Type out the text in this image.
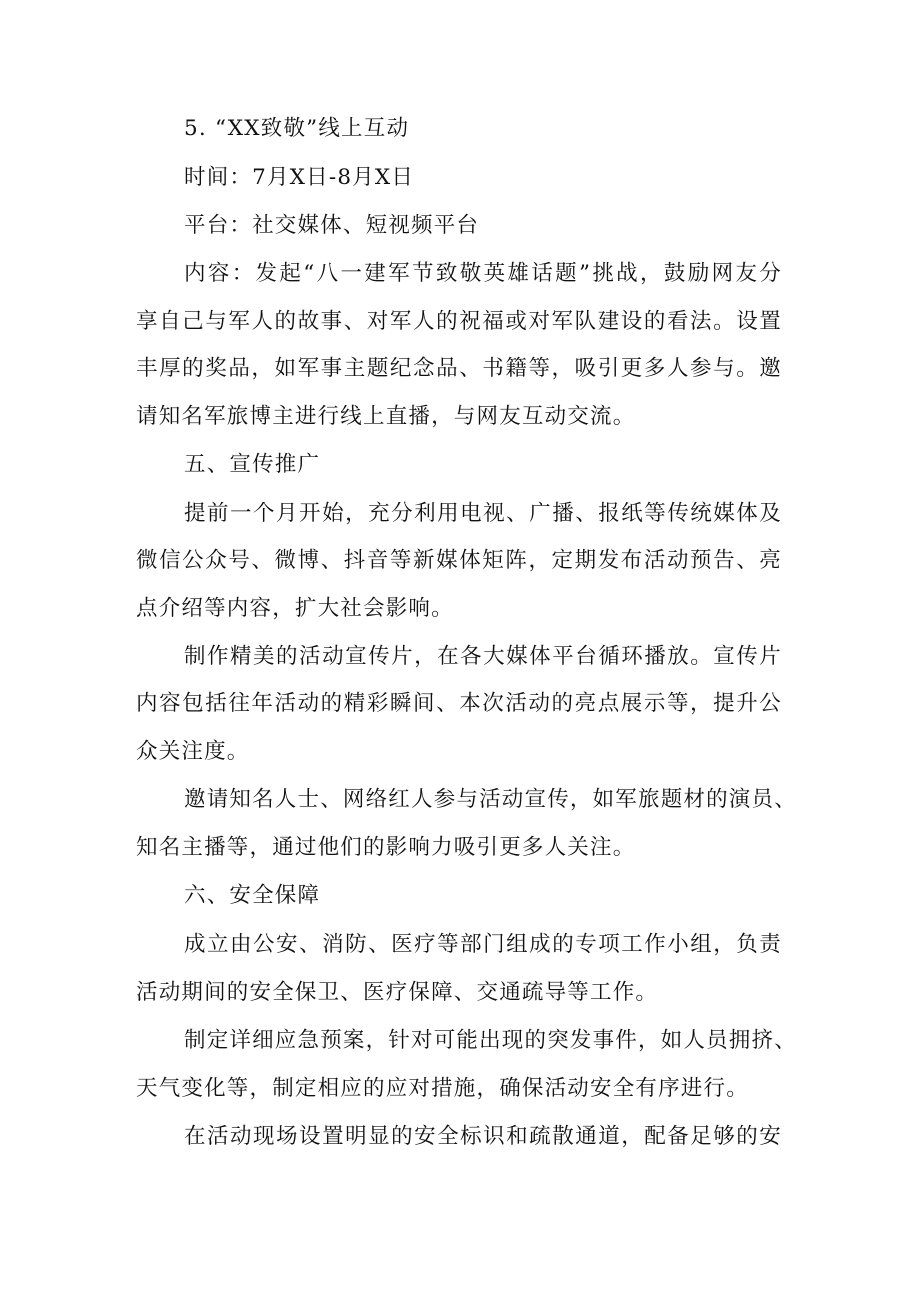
5. “XX致敬”线上互动
时间：7月X日-8月X日
平台：社交媒体、短视频平台
内容：发起“八一建军节致敬英雄话题”挑战，鼓励网友分
享自己与军人的故事、对军人的祝福或对军队建设的看法。设置
丰厚的奖品，如军事主题纪念品、书籍等，吸引更多人参与。邀
请知名军旅博主进行线上直播，与网友互动交流。
五、宣传推广
提前一个月开始，充分利用电视、广播、报纸等传统媒体及
微信公众号、微博、抖音等新媒体矩阵，定期发布活动预告、亮
点介绍等内容，扩大社会影响。
制作精美的活动宣传片，在各大媒体平台循环播放。宣传片
内容包括往年活动的精彩瞬间、本次活动的亮点展示等，提升公
众关注度。
邀请知名人士、网络红人参与活动宣传，如军旅题材的演员、
知名主播等，通过他们的影响力吸引更多人关注。
六、安全保障
成立由公安、消防、医疗等部门组成的专项工作小组，负责
活动期间的安全保卫、医疗保障、交通疏导等工作。
制定详细应急预案，针对可能出现的突发事件，如人员拥挤、
天气变化等，制定相应的应对措施，确保活动安全有序进行。
在活动现场设置明显的安全标识和疏散通道，配备足够的安
